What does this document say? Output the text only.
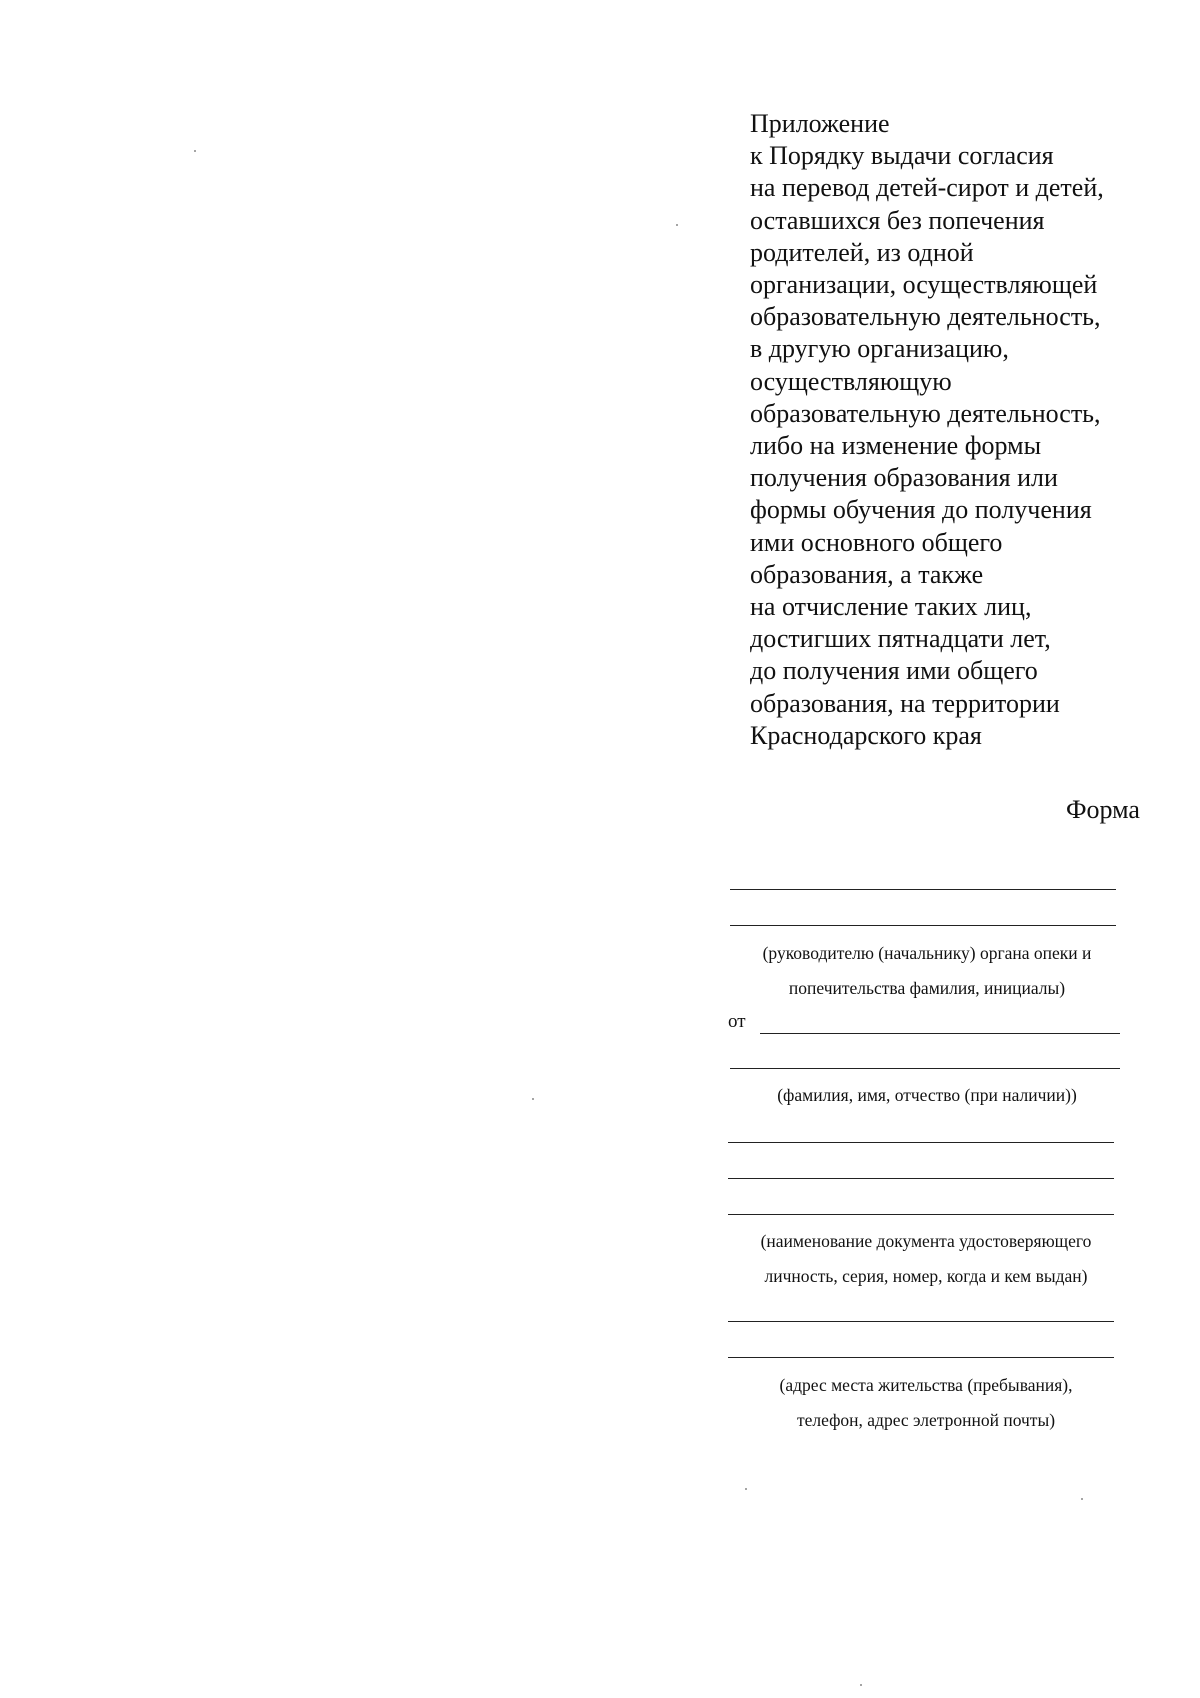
Приложение
к Порядку выдачи согласия
на перевод детей-сирот и детей,
оставшихся без попечения
родителей, из одной
организации, осуществляющей
образовательную деятельность,
в другую организацию,
осуществляющую
образовательную деятельность,
либо на изменение формы
получения образования или
формы обучения до получения
ими основного общего
образования, а также
на отчисление таких лиц,
достигших пятнадцати лет,
до получения ими общего
образования, на территории
Краснодарского края
Форма
(руководителю (начальнику) органа опеки и
попечительства фамилия, инициалы)
от
(фамилия, имя, отчество (при наличии))
(наименование документа удостоверяющего
личность, серия, номер, когда и кем выдан)
(адрес места жительства (пребывания),
телефон, адрес элетронной почты)
